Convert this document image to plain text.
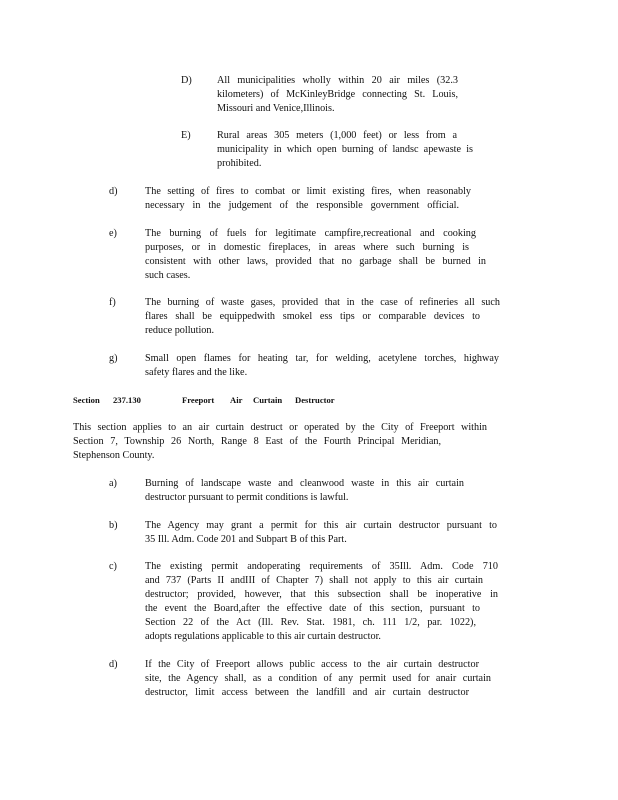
D) All municipalities wholly within 20 air miles (32.3
kilometers) of McKinleyBridge connecting St. Louis,
Missouri and Venice,Illinois.
E)	Rural areas 305 meters (1,000 feet) or less from a
municipality in which open burning of landsc apewaste is
prohibited.
d)	The setting of fires to combat or limit existing fires, when reasonably
necessary in the judgement of the responsible government official.
e)	The burning of fuels for legitimate campfire,recreational and cooking
purposes, or in domestic fireplaces, in areas where such burning is
consistent with other laws, provided that no garbage shall be burned in
such cases.
f)	The burning of waste gases, provided that in the case of refineries all such
flares shall be equippedwith smokel ess tips or comparable devices to
reduce pollution.
g)	Small open flames for heating tar, for welding, acetylene torches, highway
safety flares and the like.
Section 237.130	Freeport Air Curtain Destructor
This section applies to an air curtain destruct or operated by the City of Freeport within
Section 7, Township 26 North, Range 8 East of the Fourth Principal Meridian,
Stephenson County.
a)	Burning of landscape waste and cleanwood waste in this air curtain
destructor pursuant to permit conditions is lawful.
b)	The Agency may grant a permit for this air curtain destructor pursuant to
35 Ill. Adm. Code 201 and Subpart B of this Part.
c)	The existing permit andoperating requirements of 35Ill. Adm. Code 710
and 737 (Parts II andIII of Chapter 7) shall not apply to this air curtain
destructor; provided, however, that this subsection shall be inoperative in
the event the Board,after the effective date of this section, pursuant to
Section 22 of the Act (Ill. Rev. Stat. 1981, ch. 111 1/2, par. 1022),
adopts regulations applicable to this air curtain destructor.
d)	If the City of Freeport allows public access to the air curtain destructor
site, the Agency shall, as a condition of any permit used for anair curtain
destructor, limit access between the landfill and air curtain destructor
